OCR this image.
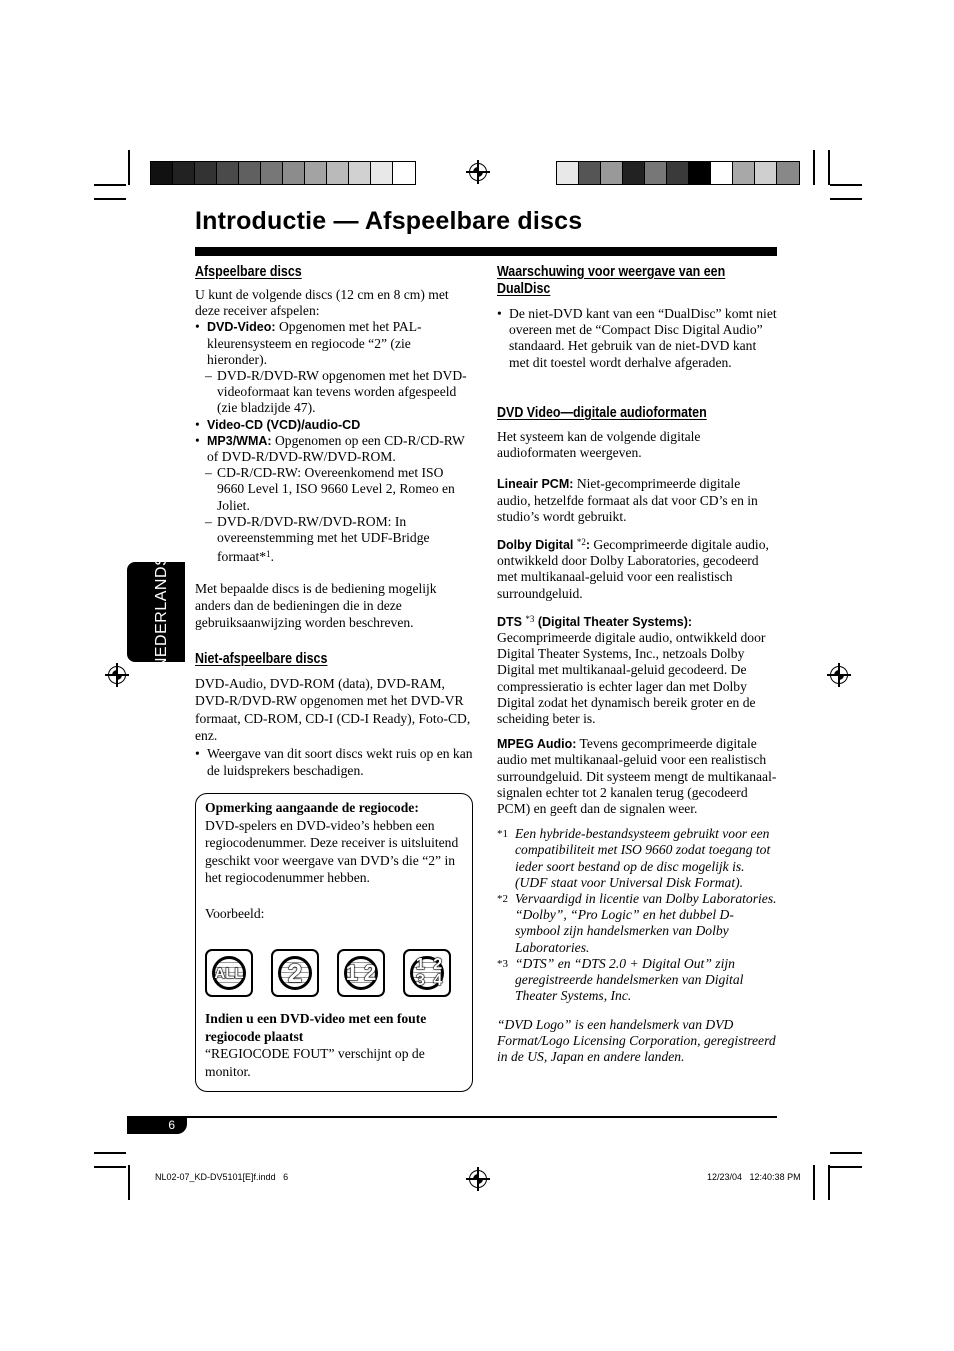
Introductie — Afspeelbare discs
NEDERLANDS
Afspeelbare discs

U kunt de volgende discs (12 cm en 8 cm) met deze receiver afspelen:

• DVD-Video: Opgenomen met het PAL-kleurensysteem en regiocode “2” (zie hieronder).
– DVD-R/DVD-RW opgenomen met het DVD-videoformaat kan tevens worden afgespeeld (zie bladzijde 47).
• Video-CD (VCD)/audio-CD
• MP3/WMA: Opgenomen op een CD-R/CD-RW of DVD-R/DVD-RW/DVD-ROM.
– CD-R/CD-RW: Overeenkomend met ISO 9660 Level 1, ISO 9660 Level 2, Romeo en Joliet.
– DVD-R/DVD-RW/DVD-ROM: In overeenstemming met het UDF-Bridge formaat*$^1$.

Met bepaalde discs is de bediening mogelijk anders dan de bedieningen die in deze gebruiksaanwijzing worden beschreven.

Niet-afspeelbare discs

DVD-Audio, DVD-ROM (data), DVD-RAM, DVD-R/DVD-RW opgenomen met het DVD-VR formaat, CD-ROM, CD-I (CD-I Ready), Foto-CD, enz.

• Weergave van dit soort discs wekt ruis op en kan de luidsprekers beschadigen.
Opmerking aangaande de regiocode:

DVD-spelers en DVD-video’s hebben een regiocodenummer. Deze receiver is uitsluitend geschikt voor weergave van DVD’s die “2” in het regiocodenummer hebben.

Voorbeeld:

ALL	2	1 2	1 2 3 4
Indien u een DVD-video met een foute regiocode plaatst

“REGIOCODE FOUT” verschijnt op de monitor.

Waarschuwing voor weergave van een DualDisc
• De niet-DVD kant van een “DualDisc” komt niet overeen met de “Compact Disc Digital Audio” standaard. Het gebruik van de niet-DVD kant met dit toestel wordt derhalve afgeraden.
DVD Video—digitale audioformaten

Het systeem kan de volgende digitale audioformaten weergeven.

Lineair PCM: Niet-gecomprimeerde digitale audio, hetzelfde formaat als dat voor CD’s en in studio’s wordt gebruikt.

Dolby Digital $^{*2}$: Gecomprimeerde digitale audio, ontwikkeld door Dolby Laboratories, gecodeerd met multikanaal-geluid voor een realistisch surroundgeluid.

DTS $^{*3}$ (Digital Theater Systems):
Gecomprimeerde digitale audio, ontwikkeld door Digital Theater Systems, Inc., netzoals Dolby Digital met multikanaal-geluid gecodeerd. De compressieratio is echter lager dan met Dolby Digital zodat het dynamisch bereik groter en de scheiding beter is.

MPEG Audio: Tevens gecomprimeerde digitale audio met multikanaal-geluid voor een realistisch surroundgeluid. Dit systeem mengt de multikanaal-signalen echter tot 2 kanalen terug (gecodeerd PCM) en geeft dan de signalen weer.

*1 Een hybride-bestandsysteem gebruikt voor een compatibiliteit met ISO 9660 zodat toegang tot ieder soort bestand op de disc mogelijk is. (UDF staat voor Universal Disk Format).
*2 Vervaardigd in licentie van Dolby Laboratories. “Dolby”, “Pro Logic” en het dubbel D-symbool zijn handelsmerken van Dolby Laboratories.
*3 “DTS” en “DTS 2.0 + Digital Out” zijn geregistreerde handelsmerken van Digital Theater Systems, Inc.

“DVD Logo” is een handelsmerk van DVD Format/Logo Licensing Corporation, geregistreerd in de US, Japan en andere landen.

6
NL02-07_KD-DV5101[E]f.indd   6	12/23/04   12:40:38 PM
